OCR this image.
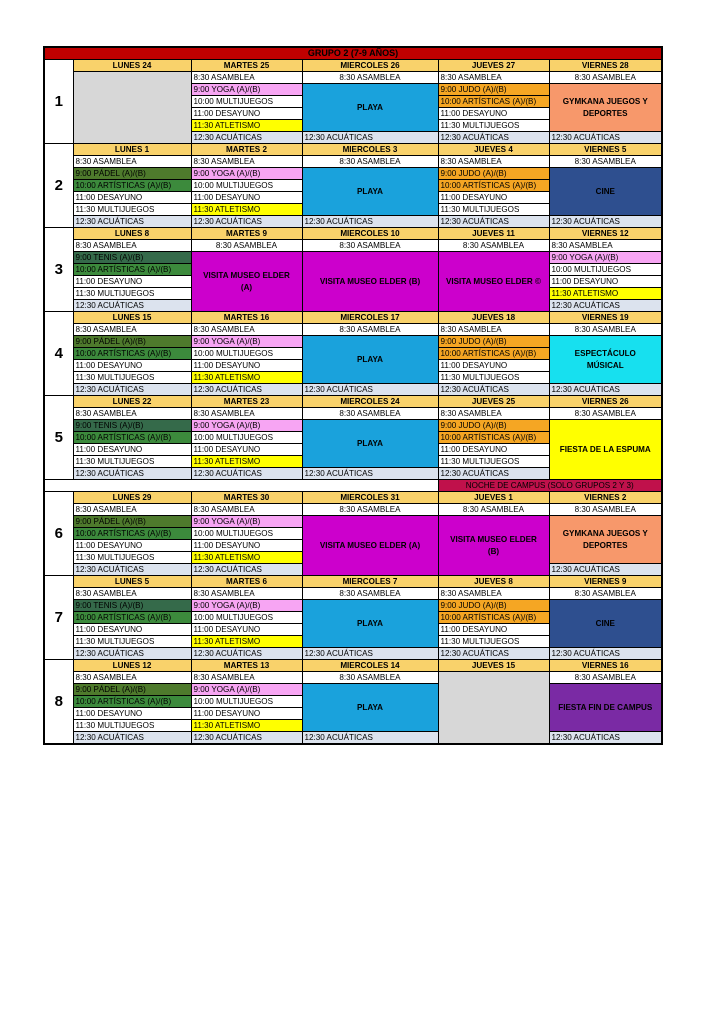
GRUPO 2 (7-9 AÑOS)					
1	LUNES 24	MARTES 25	MIERCOLES 26	JUEVES 27	VIERNES 28
		8:30 ASAMBLEA	8:30 ASAMBLEA	8:30 ASAMBLEA	8:30 ASAMBLEA
		9:00 YOGA (A)/(B)	PLAYA	9:00 JUDO (A)/(B)	GYMKANA JUEGOS Y DEPORTES
		10:00 MULTIJUEGOS		10:00 ARTÍSTICAS (A)/(B)	
		11:00 DESAYUNO		11:00 DESAYUNO	
		11:30 ATLETISMO		11:30 MULTIJUEGOS	
		12:30 ACUÁTICAS	12:30 ACUÁTICAS	12:30 ACUÁTICAS	12:30 ACUÁTICAS
2	LUNES 1	MARTES 2	MIERCOLES 3	JUEVES 4	VIERNES 5
	8:30 ASAMBLEA	8:30 ASAMBLEA	8:30 ASAMBLEA	8:30 ASAMBLEA	8:30 ASAMBLEA
	9:00 PÁDEL (A)/(B)	9:00 YOGA (A)/(B)	PLAYA	9:00 JUDO (A)/(B)	CINE
	10:00 ARTÍSTICAS (A)/(B)	10:00 MULTIJUEGOS		10:00 ARTÍSTICAS (A)/(B)	
	11:00 DESAYUNO	11:00 DESAYUNO		11:00 DESAYUNO	
	11:30 MULTIJUEGOS	11:30 ATLETISMO		11:30 MULTIJUEGOS	
	12:30 ACUÁTICAS	12:30 ACUÁTICAS	12:30 ACUÁTICAS	12:30 ACUÁTICAS	12:30 ACUÁTICAS
3	LUNES 8	MARTES 9	MIERCOLES 10	JUEVES 11	VIERNES 12
	8:30 ASAMBLEA	8:30 ASAMBLEA	8:30 ASAMBLEA	8:30 ASAMBLEA	8:30 ASAMBLEA
	9:00 TENIS (A)/(B)	VISITA MUSEO ELDER (A)	VISITA MUSEO ELDER (B)	VISITA MUSEO ELDER ©	9:00 YOGA (A)/(B)
	10:00 ARTÍSTICAS (A)/(B)				10:00 MULTIJUEGOS
	11:00 DESAYUNO				11:00 DESAYUNO
	11:30 MULTIJUEGOS				11:30 ATLETISMO
	12:30 ACUÁTICAS				12:30 ACUÁTICAS
4	LUNES 15	MARTES 16	MIERCOLES 17	JUEVES 18	VIERNES 19
	8:30 ASAMBLEA	8:30 ASAMBLEA	8:30 ASAMBLEA	8:30 ASAMBLEA	8:30 ASAMBLEA
	9:00 PÁDEL (A)/(B)	9:00 YOGA (A)/(B)	PLAYA	9:00 JUDO (A)/(B)	ESPECTÁCULO MÚSICAL
	10:00 ARTÍSTICAS (A)/(B)	10:00 MULTIJUEGOS		10:00 ARTÍSTICAS (A)/(B)	
	11:00 DESAYUNO	11:00 DESAYUNO		11:00 DESAYUNO	
	11:30 MULTIJUEGOS	11:30 ATLETISMO		11:30 MULTIJUEGOS	
	12:30 ACUÁTICAS	12:30 ACUÁTICAS	12:30 ACUÁTICAS	12:30 ACUÁTICAS	12:30 ACUÁTICAS
5	LUNES 22	MARTES 23	MIERCOLES 24	JUEVES 25	VIERNES 26
	8:30 ASAMBLEA	8:30 ASAMBLEA	8:30 ASAMBLEA	8:30 ASAMBLEA	8:30 ASAMBLEA
	9:00 TENIS (A)/(B)	9:00 YOGA (A)/(B)	PLAYA	9:00 JUDO (A)/(B)	FIESTA DE LA ESPUMA
	10:00 ARTÍSTICAS (A)/(B)	10:00 MULTIJUEGOS		10:00 ARTÍSTICAS (A)/(B)	
	11:00 DESAYUNO	11:00 DESAYUNO		11:00 DESAYUNO	
	11:30 MULTIJUEGOS	11:30 ATLETISMO		11:30 MULTIJUEGOS	
	12:30 ACUÁTICAS	12:30 ACUÁTICAS	12:30 ACUÁTICAS	12:30 ACUÁTICAS	
				NOCHE DE CAMPUS (SOLO GRUPOS 2 Y 3)	
6	LUNES 29	MARTES 30	MIERCOLES 31	JUEVES 1	VIERNES 2
	8:30 ASAMBLEA	8:30 ASAMBLEA	8:30 ASAMBLEA	8:30 ASAMBLEA	8:30 ASAMBLEA
	9:00 PÁDEL (A)/(B)	9:00 YOGA (A)/(B)	VISITA MUSEO ELDER (A)	VISITA MUSEO ELDER (B)	GYMKANA JUEGOS Y DEPORTES
	10:00 ARTÍSTICAS (A)/(B)	10:00 MULTIJUEGOS			
	11:00 DESAYUNO	11:00 DESAYUNO			
	11:30 MULTIJUEGOS	11:30 ATLETISMO			
	12:30 ACUÁTICAS	12:30 ACUÁTICAS			12:30 ACUÁTICAS
7	LUNES 5	MARTES 6	MIERCOLES 7	JUEVES 8	VIERNES 9
	8:30 ASAMBLEA	8:30 ASAMBLEA	8:30 ASAMBLEA	8:30 ASAMBLEA	8:30 ASAMBLEA
	9:00 TENIS (A)/(B)	9:00 YOGA (A)/(B)	PLAYA	9:00 JUDO (A)/(B)	CINE
	10:00 ARTÍSTICAS (A)/(B)	10:00 MULTIJUEGOS		10:00 ARTÍSTICAS (A)/(B)	
	11:00 DESAYUNO	11:00 DESAYUNO		11:00 DESAYUNO	
	11:30 MULTIJUEGOS	11:30 ATLETISMO		11:30 MULTIJUEGOS	
	12:30 ACUÁTICAS	12:30 ACUÁTICAS	12:30 ACUÁTICAS	12:30 ACUÁTICAS	12:30 ACUÁTICAS
8	LUNES 12	MARTES 13	MIERCOLES 14	JUEVES 15	VIERNES 16
	8:30 ASAMBLEA	8:30 ASAMBLEA	8:30 ASAMBLEA		8:30 ASAMBLEA
	9:00 PÁDEL (A)/(B)	9:00 YOGA (A)/(B)	PLAYA		FIESTA FIN DE CAMPUS
	10:00 ARTÍSTICAS (A)/(B)	10:00 MULTIJUEGOS			
	11:00 DESAYUNO	11:00 DESAYUNO			
	11:30 MULTIJUEGOS	11:30 ATLETISMO			
	12:30 ACUÁTICAS	12:30 ACUÁTICAS	12:30 ACUÁTICAS		12:30 ACUÁTICAS
